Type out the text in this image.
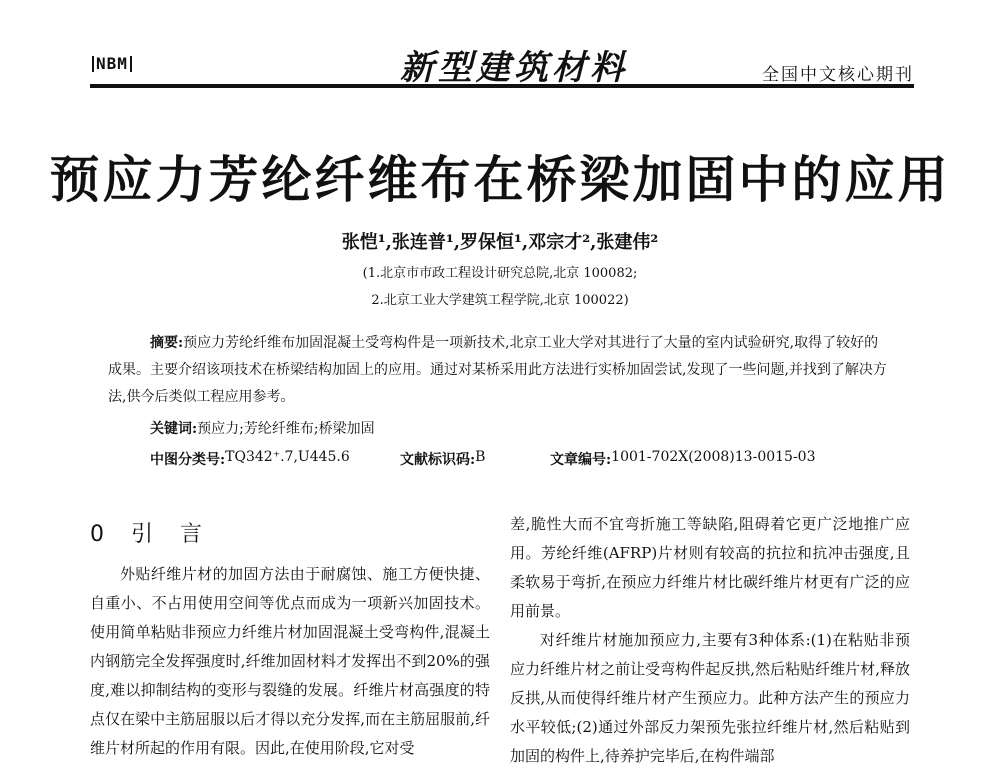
NBM	新型建筑材料	全国中文核心期刊
预应力芳纶纤维布在桥梁加固中的应用
张恺¹,张连普¹,罗保恒¹,邓宗才²,张建伟²
(1.北京市市政工程设计研究总院,北京 100082;
2.北京工业大学建筑工程学院,北京 100022)
摘要:预应力芳纶纤维布加固混凝土受弯构件是一项新技术,北京工业大学对其进行了大量的室内试验研究,取得了较好的
成果。主要介绍该项技术在桥梁结构加固上的应用。通过对某桥采用此方法进行实桥加固尝试,发现了一些问题,并找到了解决方
法,供今后类似工程应用参考。
关键词:预应力;芳纶纤维布;桥梁加固
中图分类号: TQ342⁺.7,U445.6	文献标识码: B	文章编号: 1001-702X(2008)13-0015-03
0 引 言

外贴纤维片材的加固方法由于耐腐蚀、施工方便快捷、自重小、不占用使用空间等优点而成为一项新兴加固技术。使用简单粘贴非预应力纤维片材加固混凝土受弯构件,混凝土内钢筋完全发挥强度时,纤维加固材料才发挥出不到20%的强度,难以抑制结构的变形与裂缝的发展。纤维片材高强度的特点仅在梁中主筋屈服以后才得以充分发挥,而在主筋屈服前,纤维片材所起的作用有限。因此,在使用阶段,它对受

差,脆性大而不宜弯折施工等缺陷,阻碍着它更广泛地推广应用。芳纶纤维(AFRP)片材则有较高的抗拉和抗冲击强度,且柔软易于弯折,在预应力纤维片材比碳纤维片材更有广泛的应用前景。

对纤维片材施加预应力,主要有3种体系:(1)在粘贴非预应力纤维片材之前让受弯构件起反拱,然后粘贴纤维片材,释放反拱,从而使得纤维片材产生预应力。此种方法产生的预应力水平较低;(2)通过外部反力架预先张拉纤维片材,然后粘贴到加固的构件上,待养护完毕后,在构件端部
